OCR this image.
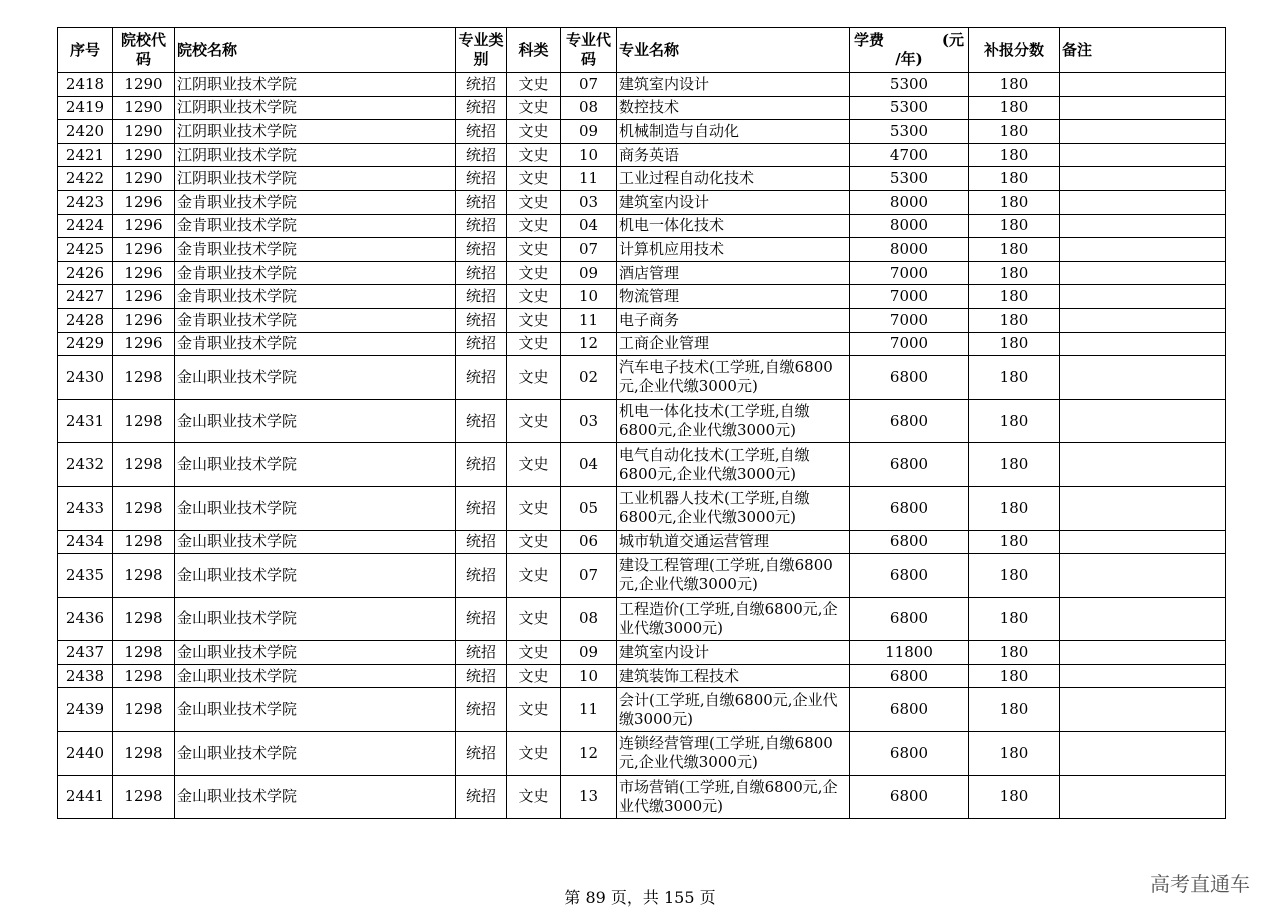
序号	院校代码	院校名称	专业类别	科类	专业代码	专业名称	学费 (元
/年)	补报分数	备注
2418	1290	江阴职业技术学院	统招	文史	07	建筑室内设计	5300	180	
2419	1290	江阴职业技术学院	统招	文史	08	数控技术	5300	180	
2420	1290	江阴职业技术学院	统招	文史	09	机械制造与自动化	5300	180	
2421	1290	江阴职业技术学院	统招	文史	10	商务英语	4700	180	
2422	1290	江阴职业技术学院	统招	文史	11	工业过程自动化技术	5300	180	
2423	1296	金肯职业技术学院	统招	文史	03	建筑室内设计	8000	180	
2424	1296	金肯职业技术学院	统招	文史	04	机电一体化技术	8000	180	
2425	1296	金肯职业技术学院	统招	文史	07	计算机应用技术	8000	180	
2426	1296	金肯职业技术学院	统招	文史	09	酒店管理	7000	180	
2427	1296	金肯职业技术学院	统招	文史	10	物流管理	7000	180	
2428	1296	金肯职业技术学院	统招	文史	11	电子商务	7000	180	
2429	1296	金肯职业技术学院	统招	文史	12	工商企业管理	7000	180	
2430	1298	金山职业技术学院	统招	文史	02	汽车电子技术(工学班,自缴6800元,企业代缴3000元)	6800	180	
2431	1298	金山职业技术学院	统招	文史	03	机电一体化技术(工学班,自缴6800元,企业代缴3000元)	6800	180	
2432	1298	金山职业技术学院	统招	文史	04	电气自动化技术(工学班,自缴6800元,企业代缴3000元)	6800	180	
2433	1298	金山职业技术学院	统招	文史	05	工业机器人技术(工学班,自缴6800元,企业代缴3000元)	6800	180	
2434	1298	金山职业技术学院	统招	文史	06	城市轨道交通运营管理	6800	180	
2435	1298	金山职业技术学院	统招	文史	07	建设工程管理(工学班,自缴6800元,企业代缴3000元)	6800	180	
2436	1298	金山职业技术学院	统招	文史	08	工程造价(工学班,自缴6800元,企业代缴3000元)	6800	180	
2437	1298	金山职业技术学院	统招	文史	09	建筑室内设计	11800	180	
2438	1298	金山职业技术学院	统招	文史	10	建筑装饰工程技术	6800	180	
2439	1298	金山职业技术学院	统招	文史	11	会计(工学班,自缴6800元,企业代缴3000元)	6800	180	
2440	1298	金山职业技术学院	统招	文史	12	连锁经营管理(工学班,自缴6800元,企业代缴3000元)	6800	180	
2441	1298	金山职业技术学院	统招	文史	13	市场营销(工学班,自缴6800元,企业代缴3000元)	6800	180	
第 89 页，共 155 页
高考直通车
